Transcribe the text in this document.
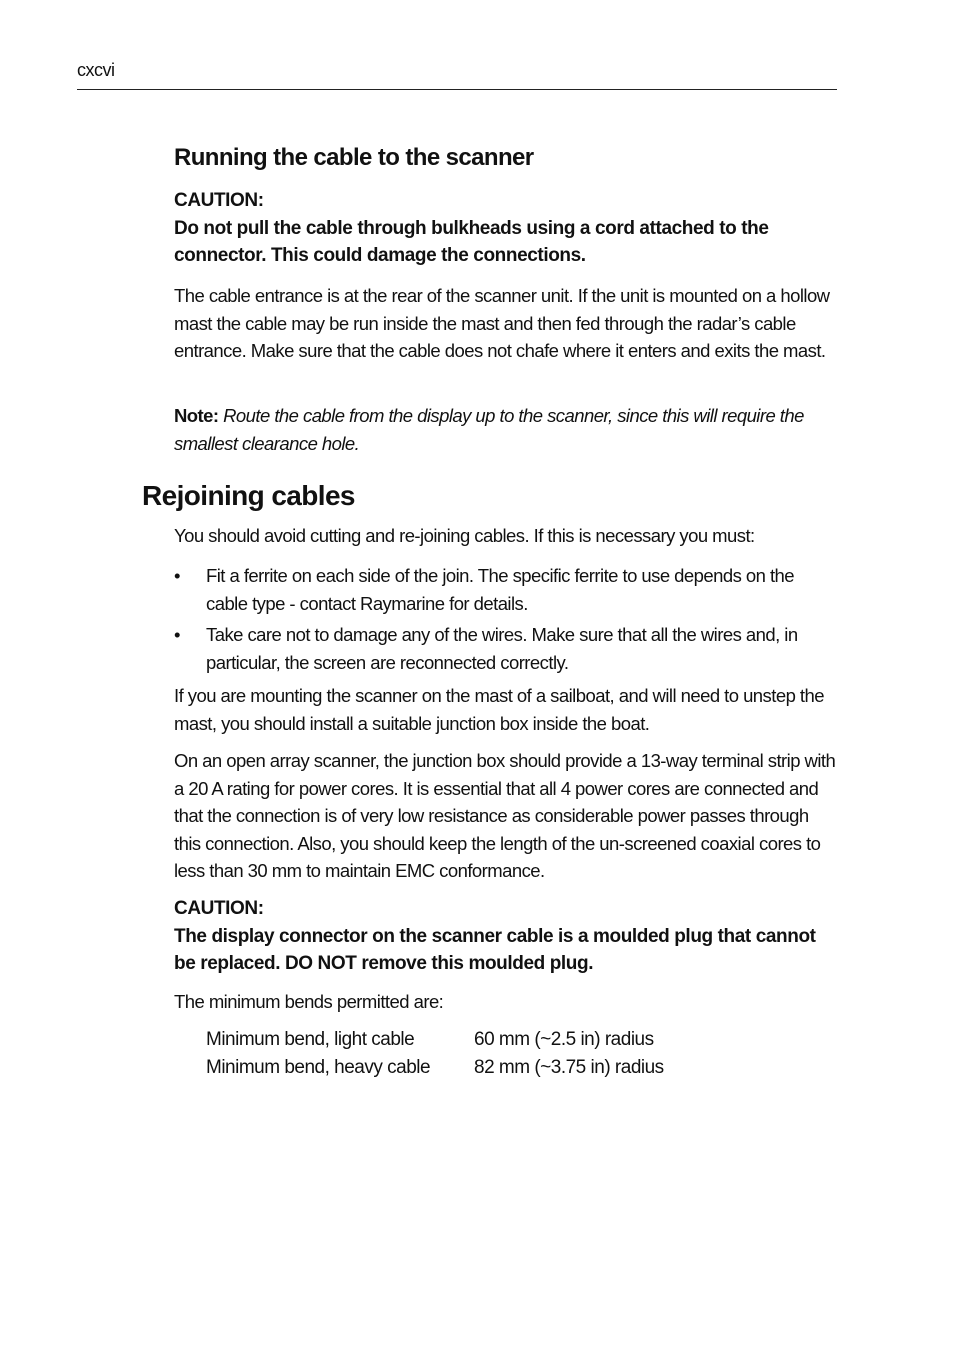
cxcvi
Running the cable to the scanner
CAUTION:
Do not pull the cable through bulkheads using a cord attached to the connector. This could damage the connections.

The cable entrance is at the rear of the scanner unit. If the unit is mounted on a hollow mast the cable may be run inside the mast and then fed through the radar’s cable entrance. Make sure that the cable does not chafe where it enters and exits the mast.

Note: Route the cable from the display up to the scanner, since this will require the smallest clearance hole.

Rejoining cables

You should avoid cutting and re-joining cables. If this is necessary you must:

•	Fit a ferrite on each side of the join. The specific ferrite to use depends on the cable type - contact Raymarine for details.
•	Take care not to damage any of the wires. Make sure that all the wires and, in particular, the screen are reconnected correctly.

If you are mounting the scanner on the mast of a sailboat, and will need to unstep the mast, you should install a suitable junction box inside the boat.

On an open array scanner, the junction box should provide a 13-way terminal strip with a 20 A rating for power cores. It is essential that all 4 power cores are connected and that the connection is of very low resistance as considerable power passes through this connection. Also, you should keep the length of the un-screened coaxial cores to less than 30 mm to maintain EMC conformance.

CAUTION:
The display connector on the scanner cable is a moulded plug that cannot be replaced. DO NOT remove this moulded plug.

The minimum bends permitted are:

Minimum bend, light cable	60 mm (~2.5 in) radius
Minimum bend, heavy cable 82 mm (~3.75 in) radius
